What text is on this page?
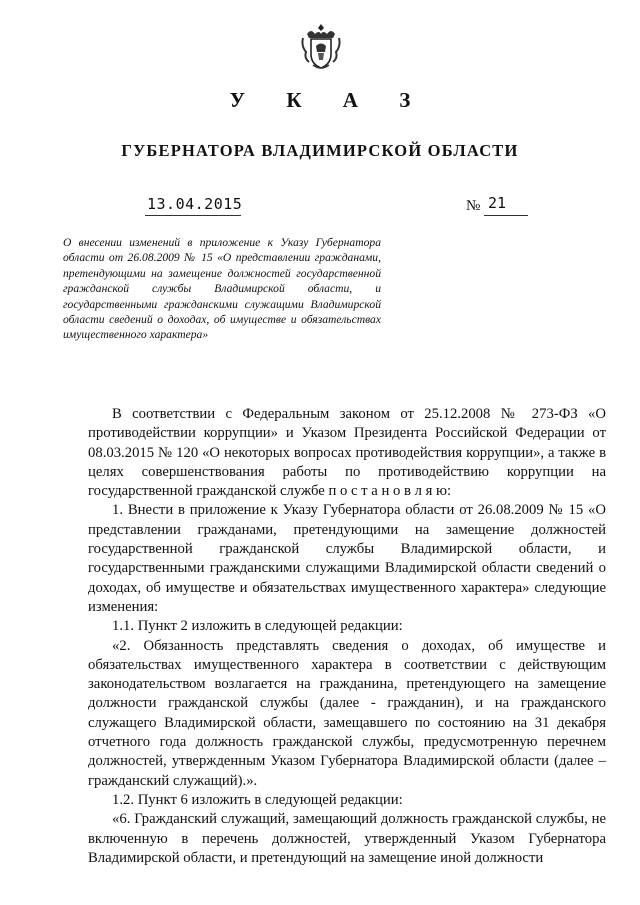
У К А З
ГУБЕРНАТОРА ВЛАДИМИРСКОЙ ОБЛАСТИ
13.04.2015	№ 21
О внесении изменений в приложение к Указу Губернатора области от 26.08.2009 № 15 «О представлении гражданами, претендующими на замещение должностей государственной гражданской службы Владимирской области, и государственными гражданскими служащими Владимирской области сведений о доходах, об имуществе и обязательствах имущественного характера»

В соответствии с Федеральным законом от 25.12.2008 № 273-ФЗ «О противодействии коррупции» и Указом Президента Российской Федерации от 08.03.2015 № 120 «О некоторых вопросах противодействия коррупции», а также в целях совершенствования работы по противодействию коррупции на государственной гражданской службе п о с т а н о в л я ю:

1. Внести в приложение к Указу Губернатора области от 26.08.2009 № 15 «О представлении гражданами, претендующими на замещение должностей государственной гражданской службы Владимирской области, и государственными гражданскими служащими Владимирской области сведений о доходах, об имуществе и обязательствах имущественного характера» следующие изменения:

1.1. Пункт 2 изложить в следующей редакции:

«2. Обязанность представлять сведения о доходах, об имуществе и обязательствах имущественного характера в соответствии с действующим законодательством возлагается на гражданина, претендующего на замещение должности гражданской службы (далее - гражданин), и на гражданского служащего Владимирской области, замещавшего по состоянию на 31 декабря отчетного года должность гражданской службы, предусмотренную перечнем должностей, утвержденным Указом Губернатора Владимирской области (далее – гражданский служащий).».

1.2. Пункт 6 изложить в следующей редакции:

«6. Гражданский служащий, замещающий должность гражданской службы, не включенную в перечень должностей, утвержденный Указом Губернатора Владимирской области, и претендующий на замещение иной должности
